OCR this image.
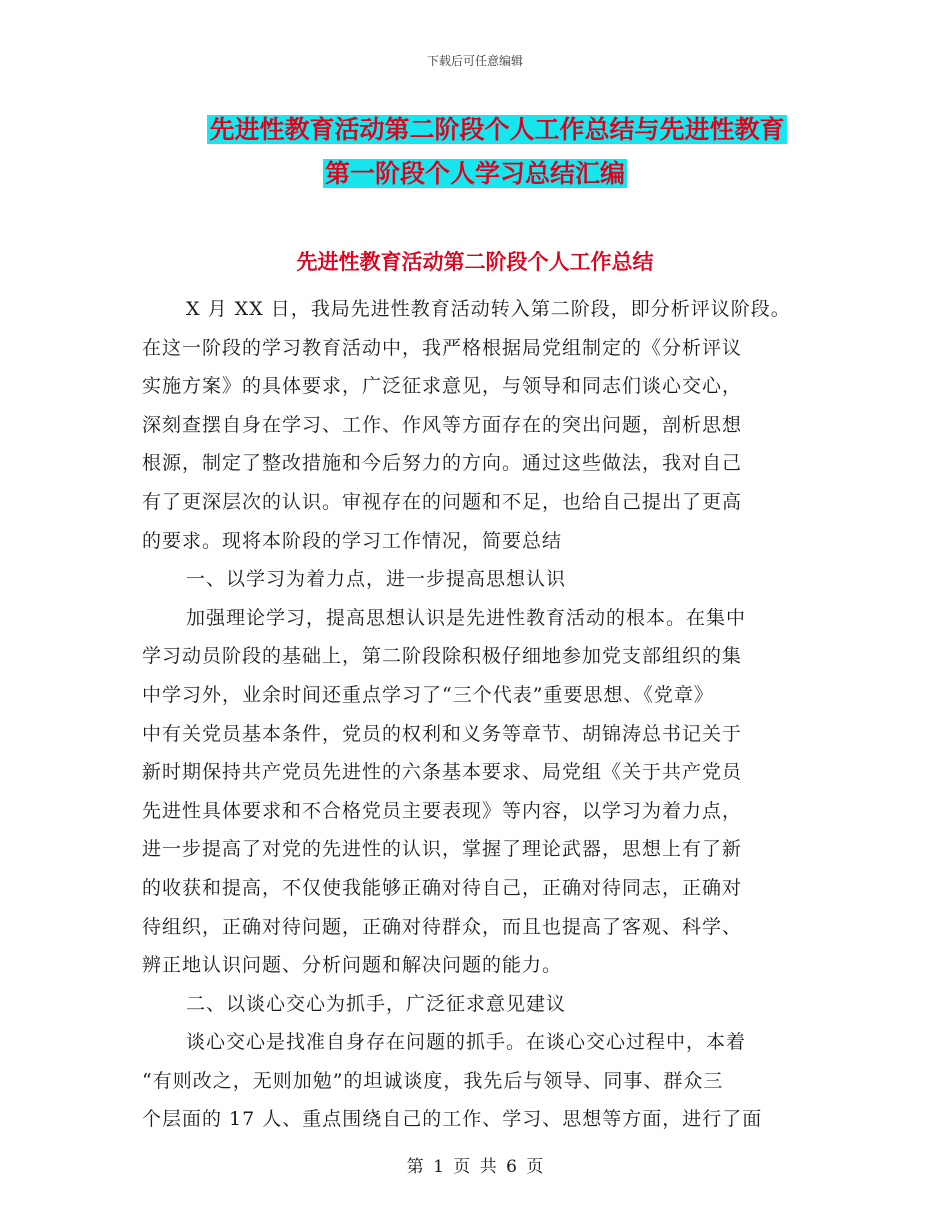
下载后可任意编辑
先进性教育活动第二阶段个人工作总结与先进性教育
第一阶段个人学习总结汇编
先进性教育活动第二阶段个人工作总结
X 月 XX 日，我局先进性教育活动转入第二阶段，即分析评议阶段。
在这一阶段的学习教育活动中，我严格根据局党组制定的《分析评议
实施方案》的具体要求，广泛征求意见，与领导和同志们谈心交心，
深刻查摆自身在学习、工作、作风等方面存在的突出问题，剖析思想
根源，制定了整改措施和今后努力的方向。通过这些做法，我对自己
有了更深层次的认识。审视存在的问题和不足，也给自己提出了更高
的要求。现将本阶段的学习工作情况，简要总结
一、以学习为着力点，进一步提高思想认识
加强理论学习，提高思想认识是先进性教育活动的根本。在集中
学习动员阶段的基础上，第二阶段除积极仔细地参加党支部组织的集
中学习外，业余时间还重点学习了“三个代表”重要思想、《党章》
中有关党员基本条件，党员的权利和义务等章节、胡锦涛总书记关于
新时期保持共产党员先进性的六条基本要求、局党组《关于共产党员
先进性具体要求和不合格党员主要表现》等内容，以学习为着力点，
进一步提高了对党的先进性的认识，掌握了理论武器，思想上有了新
的收获和提高，不仅使我能够正确对待自己，正确对待同志，正确对
待组织，正确对待问题，正确对待群众，而且也提高了客观、科学、
辨正地认识问题、分析问题和解决问题的能力。
二、以谈心交心为抓手，广泛征求意见建议
谈心交心是找准自身存在问题的抓手。在谈心交心过程中，本着
“有则改之，无则加勉”的坦诚谈度，我先后与领导、同事、群众三
个层面的 17 人、重点围绕自己的工作、学习、思想等方面，进行了面
第 1 页 共 6 页
